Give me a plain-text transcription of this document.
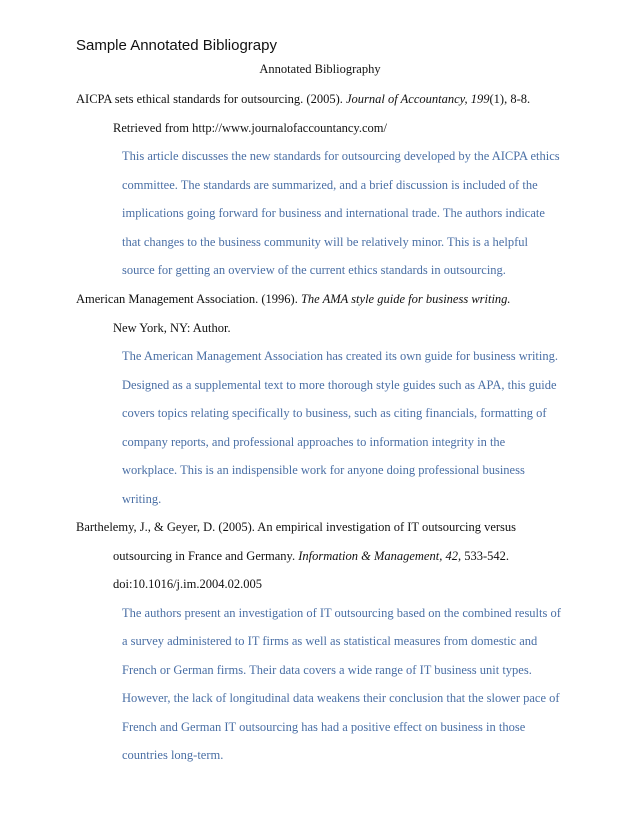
Sample Annotated Bibliograpy
Annotated Bibliography
AICPA sets ethical standards for outsourcing. (2005). Journal of Accountancy, 199(1), 8-8.
Retrieved from http://www.journalofaccountancy.com/
This article discusses the new standards for outsourcing developed by the AICPA ethics
committee. The standards are summarized, and a brief discussion is included of the
implications going forward for business and international trade. The authors indicate
that changes to the business community will be relatively minor. This is a helpful
source for getting an overview of the current ethics standards in outsourcing.
American Management Association. (1996). The AMA style guide for business writing.
New York, NY: Author.
The American Management Association has created its own guide for business writing.
Designed as a supplemental text to more thorough style guides such as APA, this guide
covers topics relating specifically to business, such as citing financials, formatting of
company reports, and professional approaches to information integrity in the
workplace. This is an indispensible work for anyone doing professional business
writing.
Barthelemy, J., & Geyer, D. (2005). An empirical investigation of IT outsourcing versus
outsourcing in France and Germany. Information & Management, 42, 533-542.
doi:10.1016/j.im.2004.02.005
The authors present an investigation of IT outsourcing based on the combined results of
a survey administered to IT firms as well as statistical measures from domestic and
French or German firms. Their data covers a wide range of IT business unit types.
However, the lack of longitudinal data weakens their conclusion that the slower pace of
French and German IT outsourcing has had a positive effect on business in those
countries long-term.
